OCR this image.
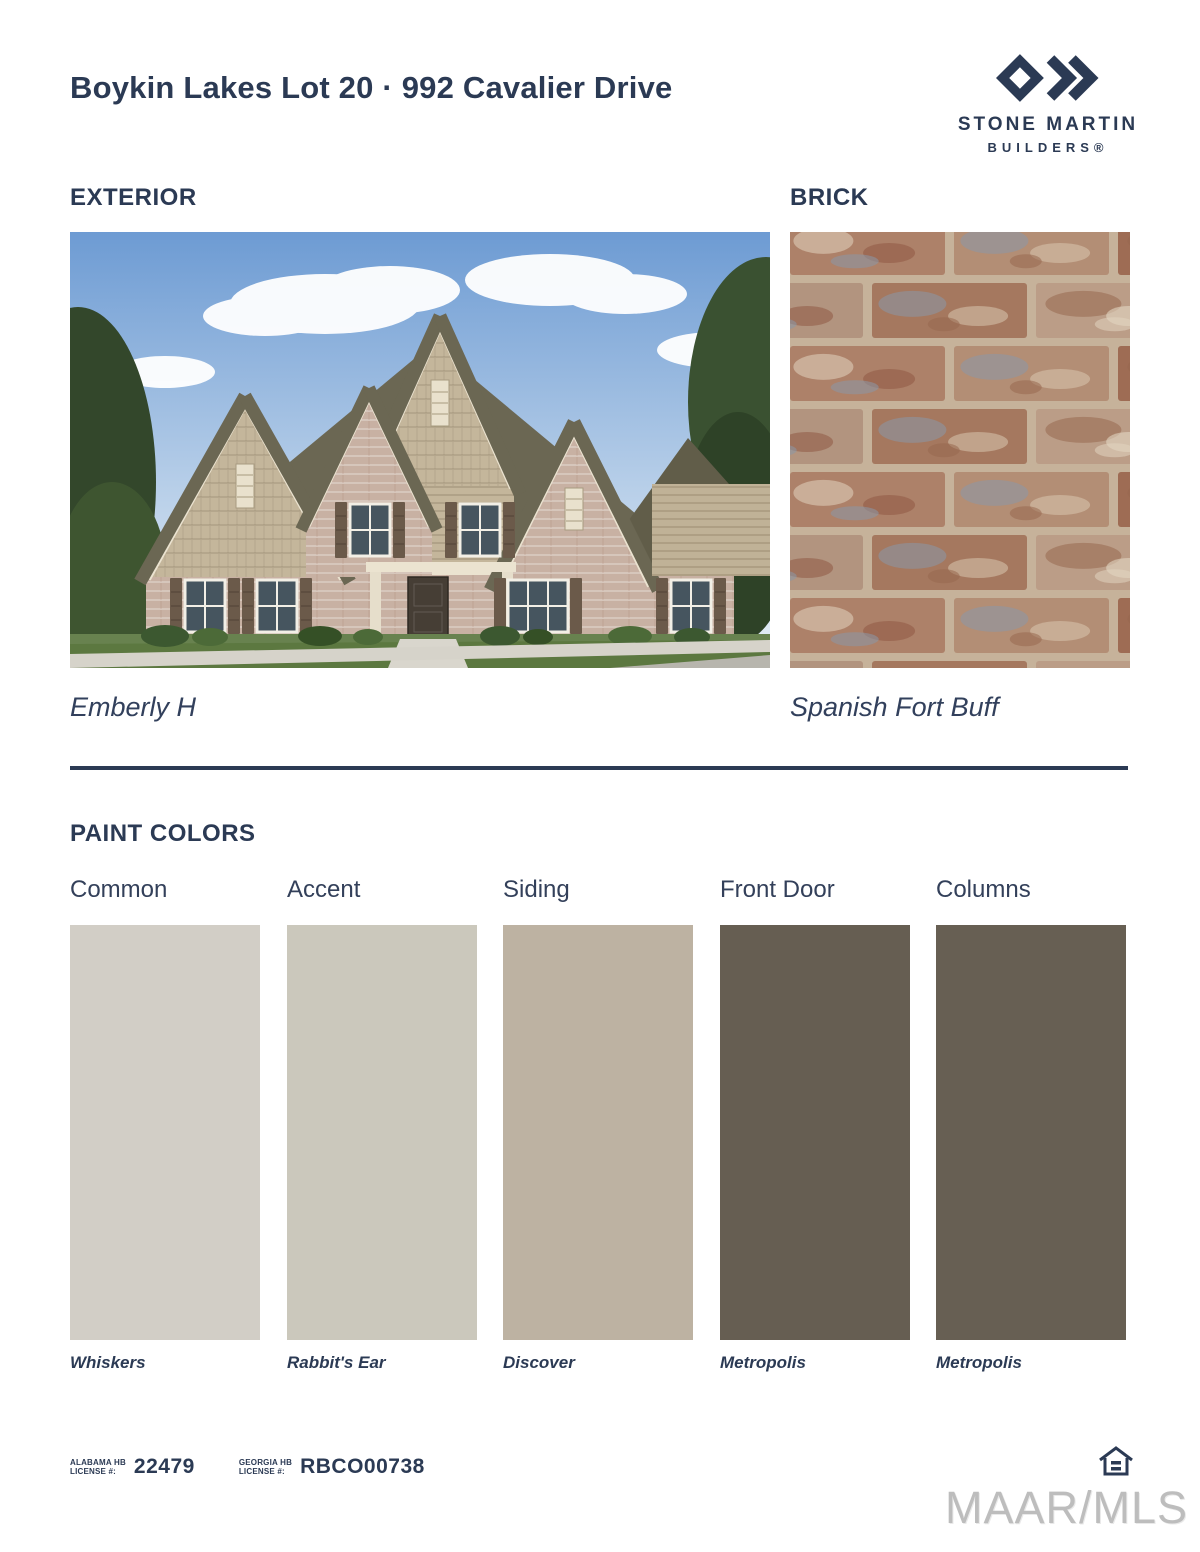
Boykin Lakes Lot 20 · 992 Cavalier Drive
STONE MARTIN
BUILDERS®
EXTERIOR	BRICK
Emberly H	Spanish Fort Buff
PAINT COLORS
Common
Whiskers
Accent
Rabbit's Ear
Siding
Discover
Front Door
Metropolis
Columns
Metropolis
ALABAMA HB
LICENSE #: 22479	GEORGIA HB
LICENSE #: RBCO00738
MAAR/MLS
